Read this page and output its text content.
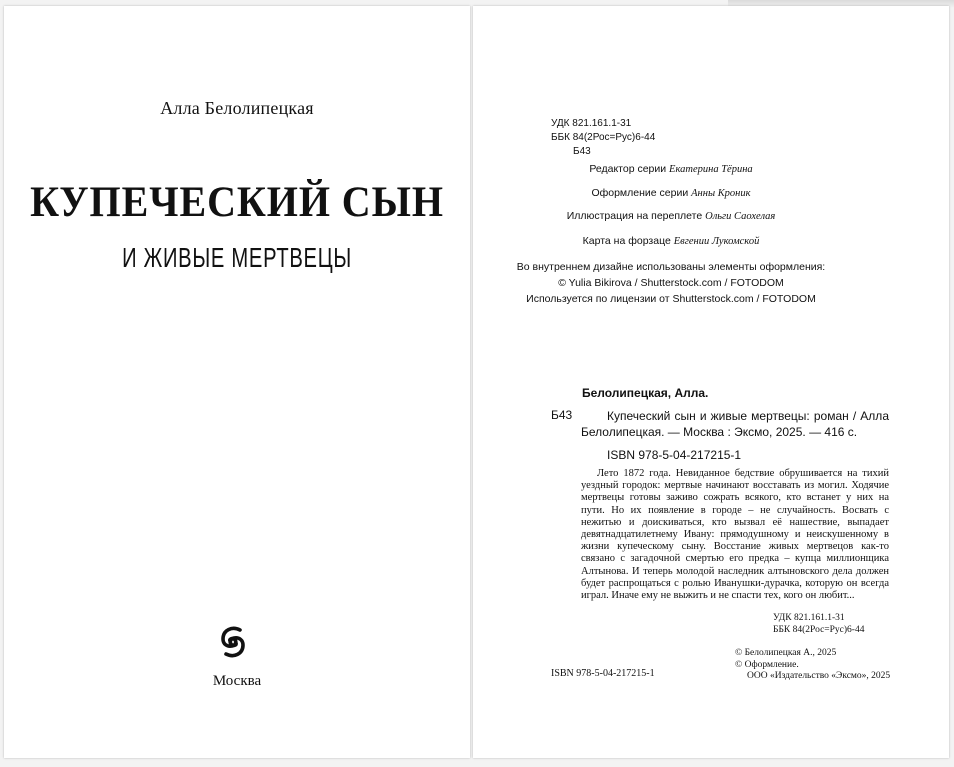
Алла Белолипецкая
КУПЕЧЕСКИЙ СЫН
И ЖИВЫЕ МЕРТВЕЦЫ
Москва
УДК 821.161.1-31
ББК 84(2Рос=Рус)6-44
Б43
Редактор серии Екатерина Тёрина
Оформление серии Анны Кроник
Иллюстрация на переплете Ольги Саохелая
Карта на форзаце Евгении Лукомской
Во внутреннем дизайне использованы элементы оформления:
© Yulia Bikirova / Shutterstock.com / FOTODOM
Используется по лицензии от Shutterstock.com / FOTODOM
Белолипецкая, Алла.
Б43	Купеческий сын и живые мертвецы: роман / Алла Белолипецкая. — Москва : Эксмо, 2025. — 416 с.
ISBN 978-5-04-217215-1
Лето 1872 года. Невиданное бедствие обрушивается на тихий уездный городок: мертвые начинают восставать из могил. Ходячие мертвецы готовы заживо сожрать всякого, кто встанет у них на пути. Но их появление в городе – не случайность. Восвать с нежитью и доискиваться, кто вызвал её нашествие, выпадает девятнадцатилетнему Ивану: прямодушному и неискушенному в жизни купеческому сыну. Восстание живых мертвецов как-то связано с загадочной смертью его предка – купца миллионщика Алтынова. И теперь молодой наследник алтыновского дела должен будет распрощаться с ролью Иванушки-дурачка, которую он всегда играл. Иначе ему не выжить и не спасти тех, кого он любит...
УДК 821.161.1-31
ББК 84(2Рос=Рус)6-44
ISBN 978-5-04-217215-1
© Белолипецкая А., 2025
© Оформление.
ООО «Издательство «Эксмо», 2025
